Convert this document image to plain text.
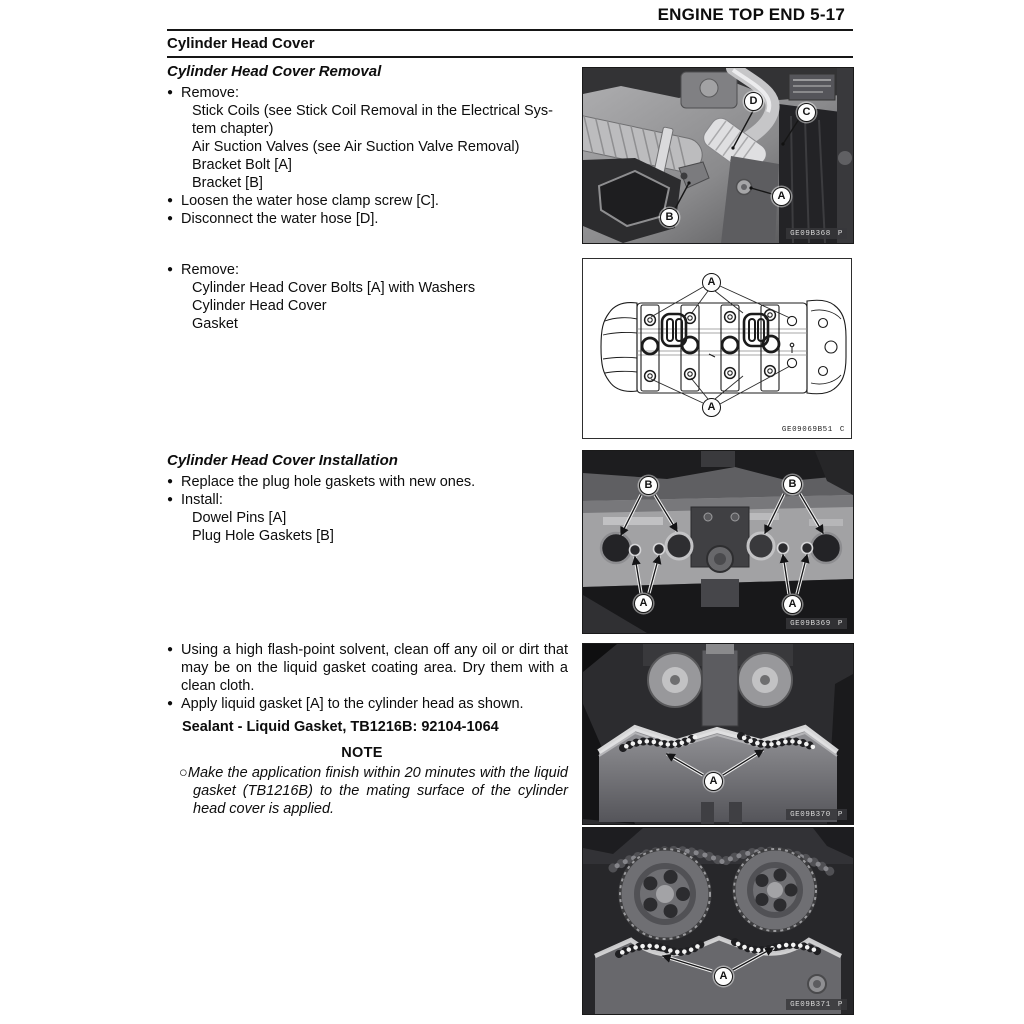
ENGINE TOP END 5-17
Cylinder Head Cover
Cylinder Head Cover Removal
● Remove:
Stick Coils (see Stick Coil Removal in the Electrical Sys-
tem chapter)
Air Suction Valves (see Air Suction Valve Removal)
Bracket Bolt [A]
Bracket [B]
● Loosen the water hose clamp screw [C].
● Disconnect the water hose [D].
● Remove:
Cylinder Head Cover Bolts [A] with Washers
Cylinder Head Cover
Gasket
Cylinder Head Cover Installation
● Replace the plug hole gaskets with new ones.
● Install:
Dowel Pins [A]
Plug Hole Gaskets [B]
● Using a high flash-point solvent, clean off any oil or dirt that may be on the liquid gasket coating area. Dry them with a clean cloth.
● Apply liquid gasket [A] to the cylinder head as shown.
Sealant - Liquid Gasket, TB1216B: 92104-1064
NOTE
○Make the application finish within 20 minutes with the liquid gasket (TB1216B) to the mating surface of the cylinder head cover is applied.
D
C
A
B
GE09B368 P
A
A
GE09069B51 C
B	B
A	A
GE09B369 P
A
GE09B370 P
A
GE09B371 P
